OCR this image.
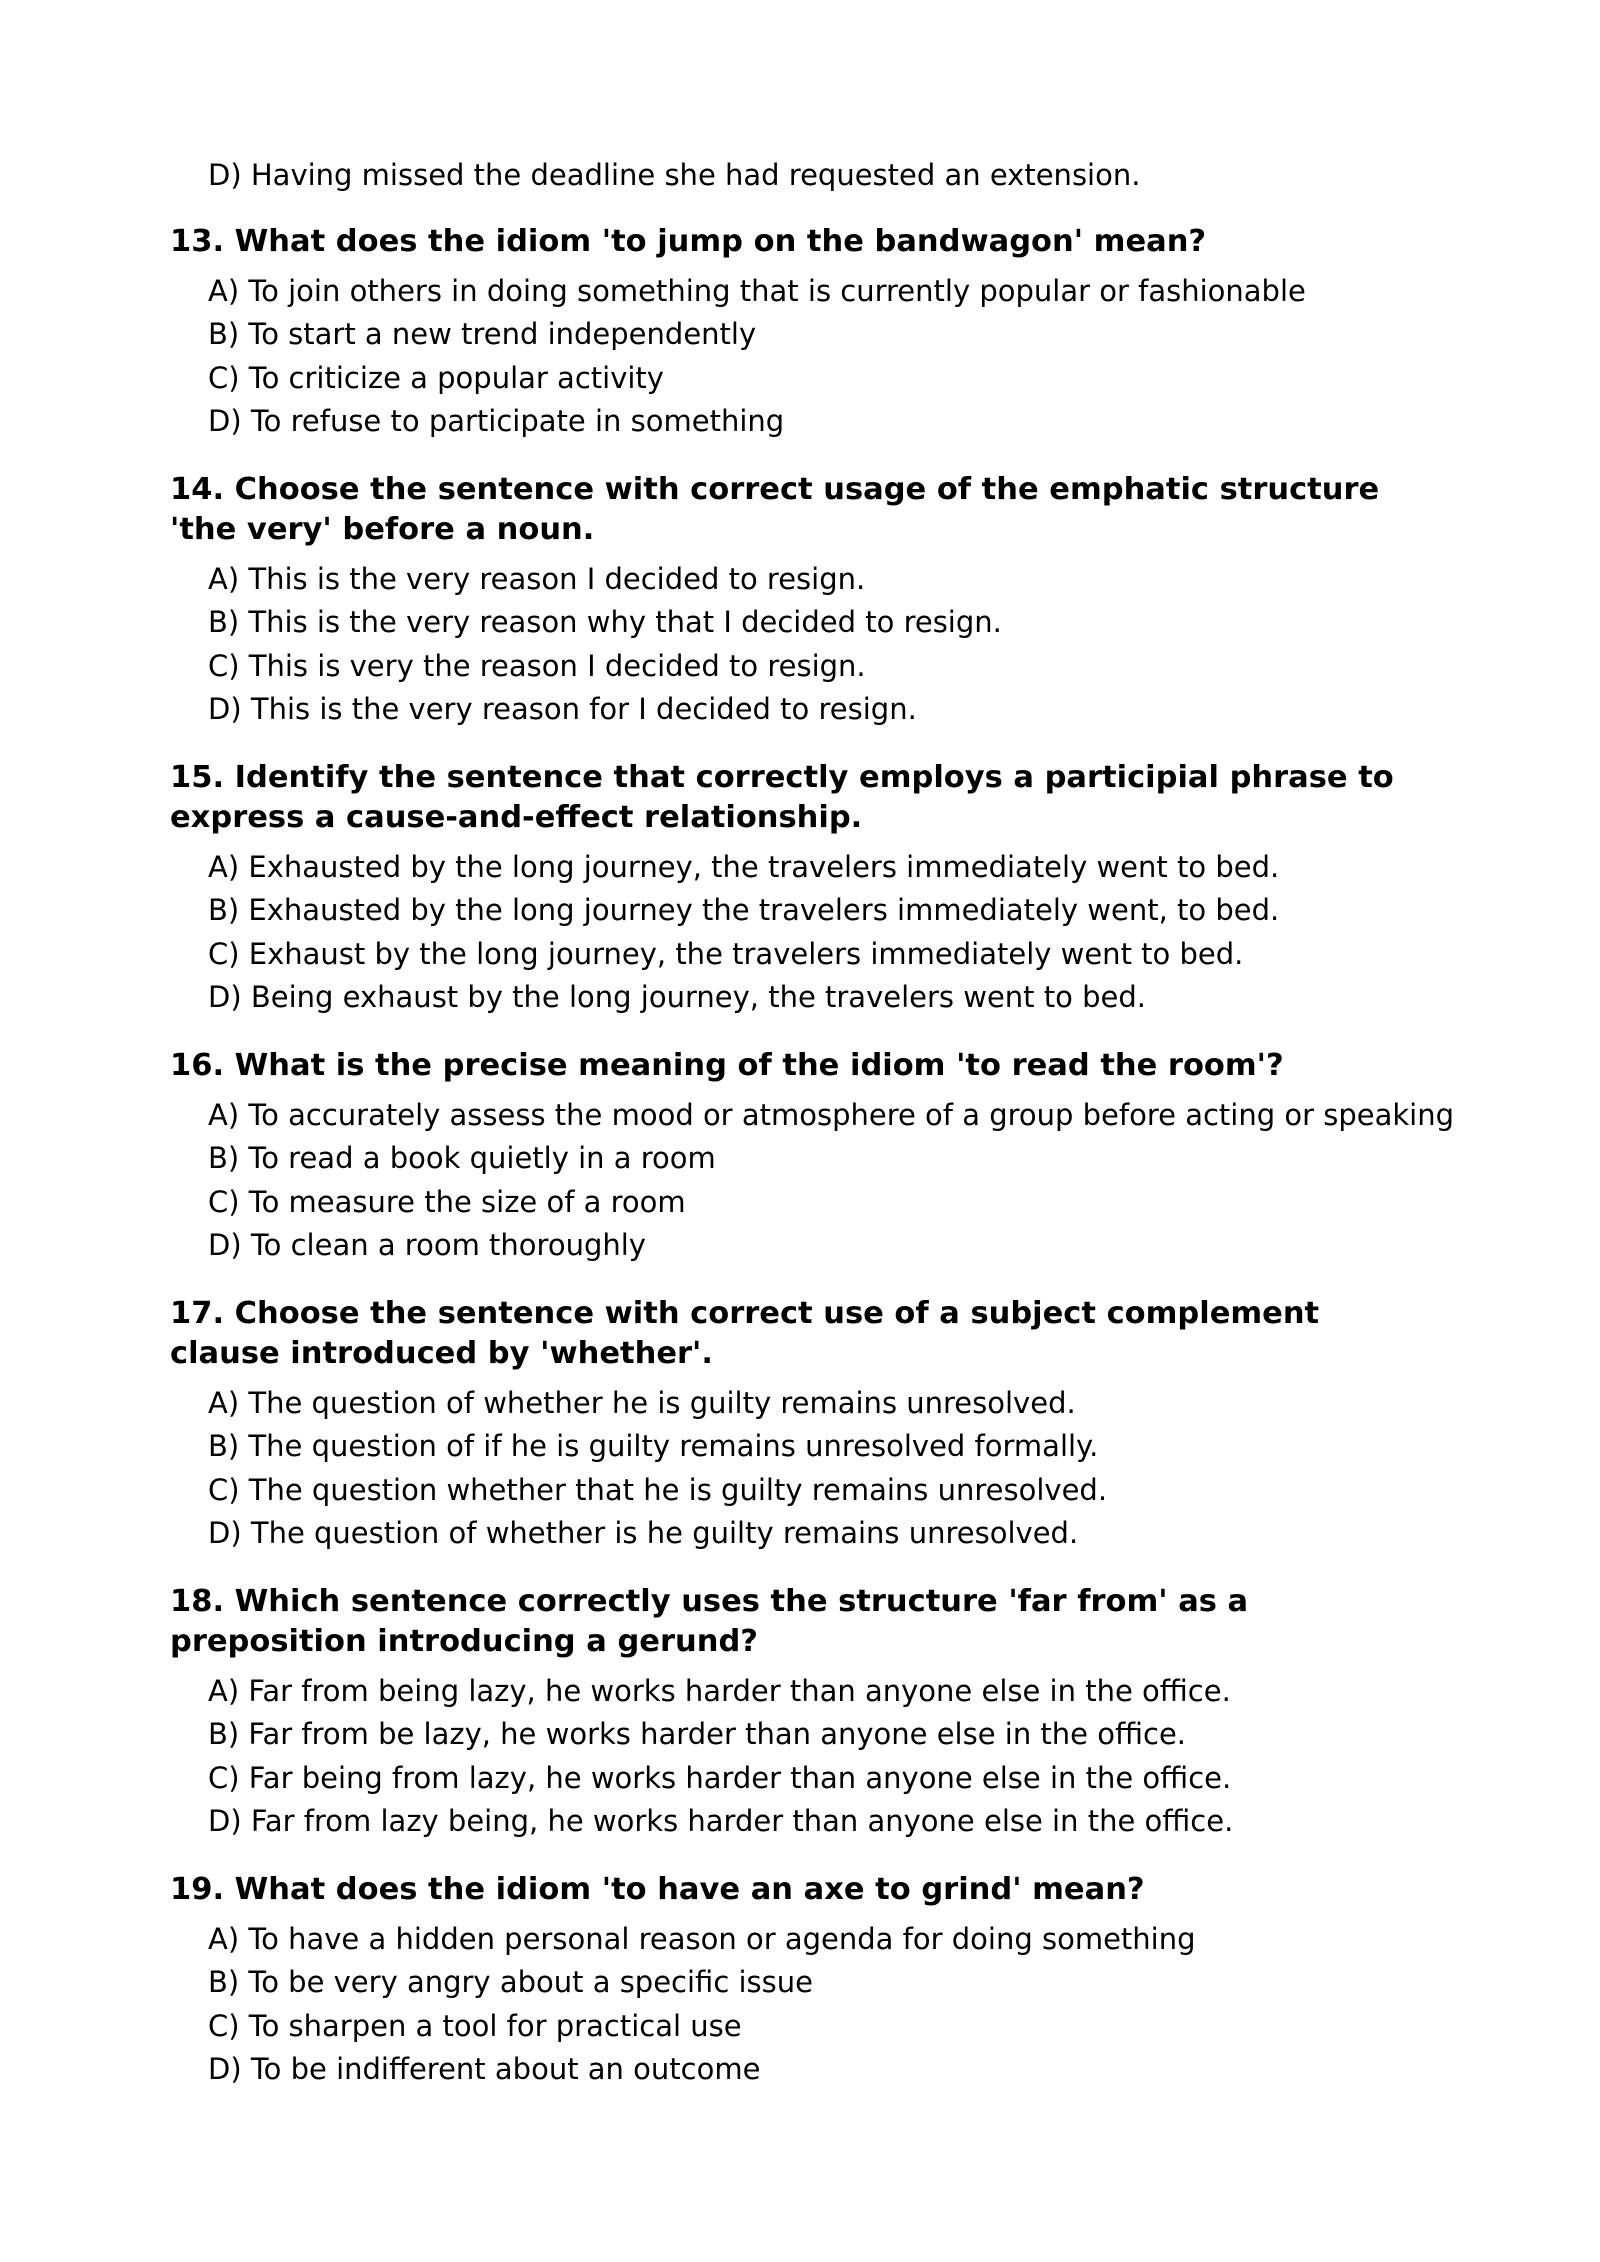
D) Having missed the deadline she had requested an extension.
13. What does the idiom 'to jump on the bandwagon' mean?
A) To join others in doing something that is currently popular or fashionable
B) To start a new trend independently
C) To criticize a popular activity
D) To refuse to participate in something
14. Choose the sentence with correct usage of the emphatic structure 'the very' before a noun.
A) This is the very reason I decided to resign.
B) This is the very reason why that I decided to resign.
C) This is very the reason I decided to resign.
D) This is the very reason for I decided to resign.
15. Identify the sentence that correctly employs a participial phrase to express a cause-and-effect relationship.
A) Exhausted by the long journey, the travelers immediately went to bed.
B) Exhausted by the long journey the travelers immediately went, to bed.
C) Exhaust by the long journey, the travelers immediately went to bed.
D) Being exhaust by the long journey, the travelers went to bed.
16. What is the precise meaning of the idiom 'to read the room'?
A) To accurately assess the mood or atmosphere of a group before acting or speaking
B) To read a book quietly in a room
C) To measure the size of a room
D) To clean a room thoroughly
17. Choose the sentence with correct use of a subject complement clause introduced by 'whether'.
A) The question of whether he is guilty remains unresolved.
B) The question of if he is guilty remains unresolved formally.
C) The question whether that he is guilty remains unresolved.
D) The question of whether is he guilty remains unresolved.
18. Which sentence correctly uses the structure 'far from' as a preposition introducing a gerund?
A) Far from being lazy, he works harder than anyone else in the office.
B) Far from be lazy, he works harder than anyone else in the office.
C) Far being from lazy, he works harder than anyone else in the office.
D) Far from lazy being, he works harder than anyone else in the office.
19. What does the idiom 'to have an axe to grind' mean?
A) To have a hidden personal reason or agenda for doing something
B) To be very angry about a specific issue
C) To sharpen a tool for practical use
D) To be indifferent about an outcome
